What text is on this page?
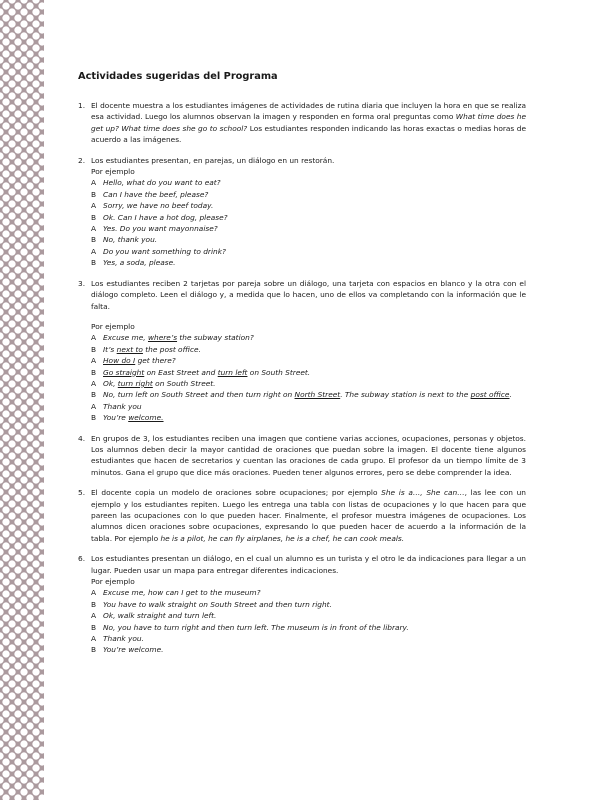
Actividades sugeridas del Programa
1. El docente muestra a los estudiantes imágenes de actividades de rutina diaria que incluyen la hora en que se realiza esa actividad. Luego los alumnos observan la imagen y responden en forma oral preguntas como What time does he get up? What time does she go to school? Los estudiantes responden indicando las horas exactas o medias horas de acuerdo a las imágenes.

2. Los estudiantes presentan, en parejas, un diálogo en un restorán.

Por ejemplo

A Hello, what do you want to eat?
B Can I have the beef, please?
A Sorry, we have no beef today.
B Ok. Can I have a hot dog, please?
A Yes. Do you want mayonnaise?
B No, thank you.
A Do you want something to drink?
B Yes, a soda, please.
3. Los estudiantes reciben 2 tarjetas por pareja sobre un diálogo, una tarjeta con espacios en blanco y la otra con el diálogo completo. Leen el diálogo y, a medida que lo hacen, uno de ellos va completando con la información que le falta.

Por ejemplo

A Excuse me, where’s the subway station?
B It’s next to the post office.
A How do I get there?
B Go straight on East Street and turn left on South Street.
A Ok, turn right on South Street.
B No, turn left on South Street and then turn right on North Street. The subway station is next to the post office.
A Thank you
B You’re welcome.
4. En grupos de 3, los estudiantes reciben una imagen que contiene varias acciones, ocupaciones, personas y objetos. Los alumnos deben decir la mayor cantidad de oraciones que puedan sobre la imagen. El docente tiene algunos estudiantes que hacen de secretarios y cuentan las oraciones de cada grupo. El profesor da un tiempo límite de 3 minutos. Gana el grupo que dice más oraciones. Pueden tener algunos errores, pero se debe comprender la idea.

5. El docente copia un modelo de oraciones sobre ocupaciones; por ejemplo She is a…, She can…, las lee con un ejemplo y los estudiantes repiten. Luego les entrega una tabla con listas de ocupaciones y lo que hacen para que pareen las ocupaciones con lo que pueden hacer. Finalmente, el profesor muestra imágenes de ocupaciones. Los alumnos dicen oraciones sobre ocupaciones, expresando lo que pueden hacer de acuerdo a la información de la tabla. Por ejemplo he is a pilot, he can fly airplanes, he is a chef, he can cook meals.

6. Los estudiantes presentan un diálogo, en el cual un alumno es un turista y el otro le da indicaciones para llegar a un lugar. Pueden usar un mapa para entregar diferentes indicaciones.

Por ejemplo

A Excuse me, how can I get to the museum?
B You have to walk straight on South Street and then turn right.
A Ok, walk straight and turn left.
B No, you have to turn right and then turn left. The museum is in front of the library.
A Thank you.
B You’re welcome.
